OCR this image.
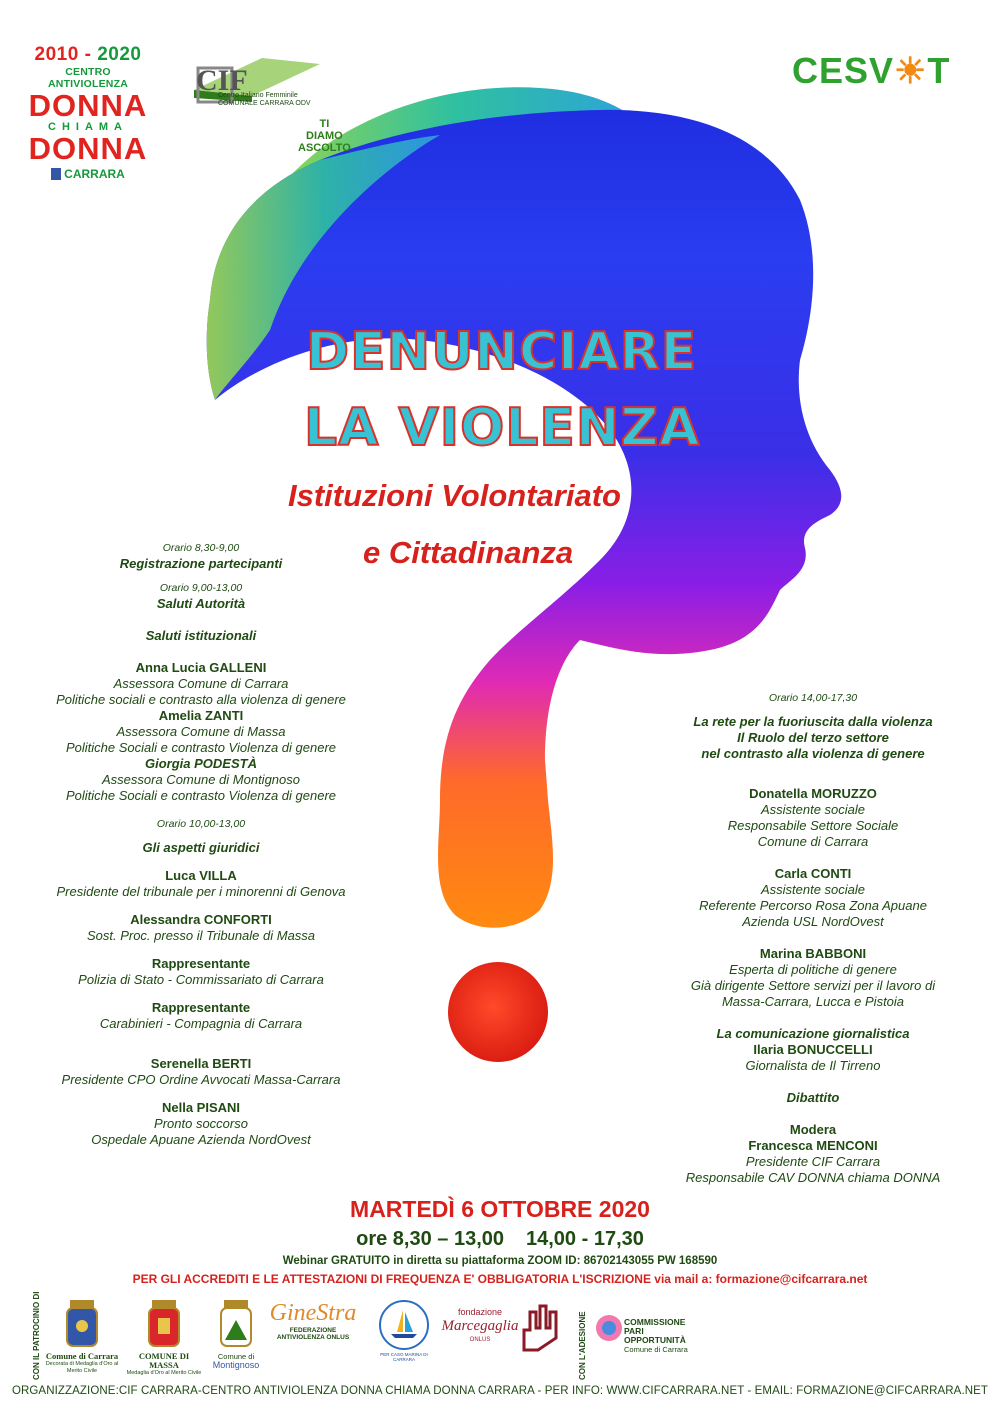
2010 - 2020
CENTRO ANTIVIOLENZA
DONNA
CHIAMA
DONNA
CARRARA
CIF
Centro Italiano Femminile COMUNALE CARRARA ODV
TI
DIAMO
ASCOLTO
CESV☀T
DENUNCIARE
LA VIOLENZA
Istituzioni Volontariato
e Cittadinanza
Orario 8,30-9,00
Registrazione partecipanti
Orario 9,00-13,00
Saluti Autorità
Saluti istituzionali
Anna Lucia GALLENI
Assessora Comune di Carrara
Politiche sociali e contrasto alla violenza di genere
Amelia ZANTI
Assessora Comune di Massa
Politiche Sociali e contrasto Violenza di genere
Giorgia PODESTÀ
Assessora Comune di Montignoso
Politiche Sociali e contrasto Violenza di genere
Orario 10,00-13,00
Gli aspetti giuridici
Luca VILLA
Presidente del tribunale per i minorenni di Genova
Alessandra CONFORTI
Sost. Proc. presso il Tribunale di Massa
Rappresentante
Polizia di Stato - Commissariato di Carrara
Rappresentante
Carabinieri - Compagnia di Carrara
Serenella BERTI
Presidente CPO Ordine Avvocati Massa-Carrara
Nella PISANI
Pronto soccorso
Ospedale Apuane Azienda NordOvest
Orario 14,00-17,30
La rete per la fuoriuscita dalla violenza
Il Ruolo del terzo settore
nel contrasto alla violenza di genere
Donatella MORUZZO
Assistente sociale
Responsabile Settore Sociale
Comune di Carrara
Carla CONTI
Assistente sociale
Referente Percorso Rosa Zona Apuane
Azienda USL NordOvest
Marina BABBONI
Esperta di politiche di genere
Già dirigente Settore servizi per il lavoro di
Massa-Carrara, Lucca e Pistoia
La comunicazione giornalistica
Ilaria BONUCCELLI
Giornalista de Il Tirreno
Dibattito
Modera
Francesca MENCONI
Presidente CIF Carrara
Responsabile CAV DONNA chiama DONNA
MARTEDÌ 6 OTTOBRE 2020
ore 8,30 – 13,00 14,00 - 17,30
Webinar GRATUITO in diretta su piattaforma ZOOM ID: 86702143055 PW 168590
PER GLI ACCREDITI E LE ATTESTAZIONI DI FREQUENZA E' OBBLIGATORIA L'ISCRIZIONE via mail a: formazione@cifcarrara.net
CON IL PATROCINIO DI Comune di Carrara
Decorata di Medaglia d'Oro al Merito Civile
COMUNE DI MASSA
Medaglia d'Oro al Merito Civile
Comune di
Montignoso
GineStra
FEDERAZIONE ANTIVIOLENZA ONLUS
PER CASO MARINA DI CARRARA
fondazione
Marcegaglia
ONLUS	CON L'ADESIONE	COMMISSIONE
PARI
OPPORTUNITÀ
Comune di Carrara
ORGANIZZAZIONE:CIF CARRARA-CENTRO ANTIVIOLENZA DONNA CHIAMA DONNA CARRARA - PER INFO: WWW.CIFCARRARA.NET - EMAIL: FORMAZIONE@CIFCARRARA.NET
